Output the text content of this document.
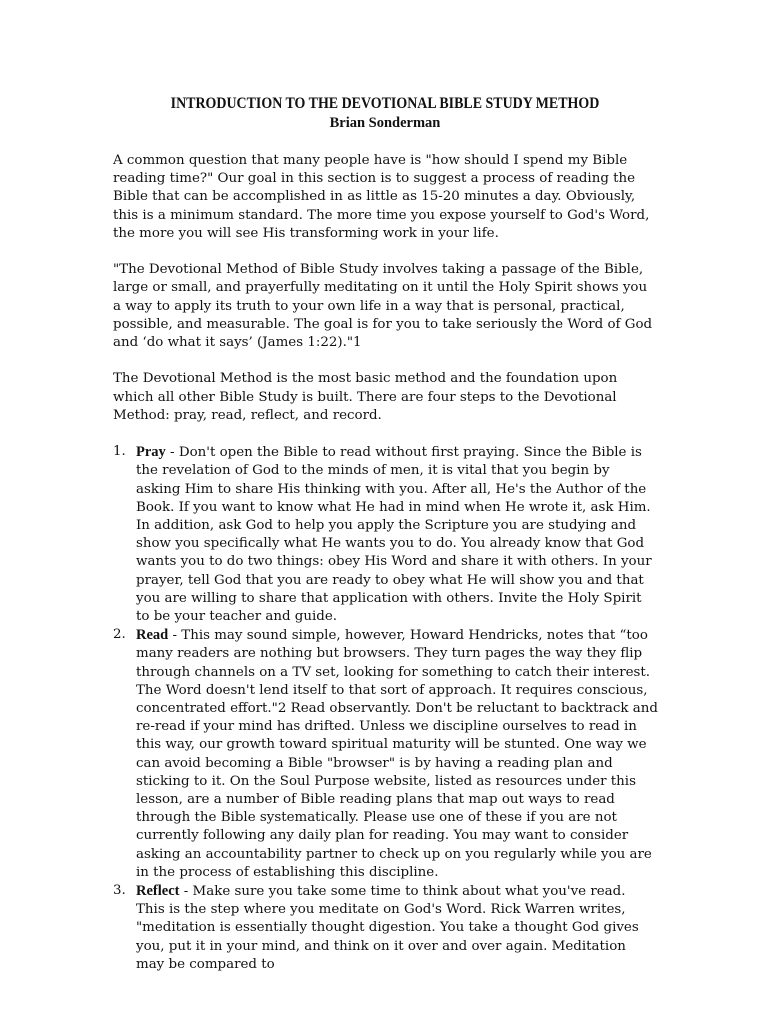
INTRODUCTION TO THE DEVOTIONAL BIBLE STUDY METHOD
Brian Sonderman

A common question that many people have is "how should I spend my Bible reading time?" Our goal in this section is to suggest a process of reading the Bible that can be accomplished in as little as 15-20 minutes a day. Obviously, this is a minimum standard. The more time you expose yourself to God's Word, the more you will see His transforming work in your life.

"The Devotional Method of Bible Study involves taking a passage of the Bible, large or small, and prayerfully meditating on it until the Holy Spirit shows you a way to apply its truth to your own life in a way that is personal, practical, possible, and measurable. The goal is for you to take seriously the Word of God and ‘do what it says’ (James 1:22)."1

The Devotional Method is the most basic method and the foundation upon which all other Bible Study is built. There are four steps to the Devotional Method: pray, read, reflect, and record.

1. Pray - Don't open the Bible to read without first praying. Since the Bible is the revelation of God to the minds of men, it is vital that you begin by asking Him to share His thinking with you. After all, He's the Author of the Book. If you want to know what He had in mind when He wrote it, ask Him. In addition, ask God to help you apply the Scripture you are studying and show you specifically what He wants you to do. You already know that God wants you to do two things: obey His Word and share it with others. In your prayer, tell God that you are ready to obey what He will show you and that you are willing to share that application with others. Invite the Holy Spirit to be your teacher and guide.
2. Read - This may sound simple, however, Howard Hendricks, notes that “too many readers are nothing but browsers. They turn pages the way they flip through channels on a TV set, looking for something to catch their interest. The Word doesn't lend itself to that sort of approach. It requires conscious, concentrated effort."2 Read observantly. Don't be reluctant to backtrack and re-read if your mind has drifted. Unless we discipline ourselves to read in this way, our growth toward spiritual maturity will be stunted. One way we can avoid becoming a Bible "browser" is by having a reading plan and sticking to it. On the Soul Purpose website, listed as resources under this lesson, are a number of Bible reading plans that map out ways to read through the Bible systematically. Please use one of these if you are not currently following any daily plan for reading. You may want to consider asking an accountability partner to check up on you regularly while you are in the process of establishing this discipline.
3. Reflect - Make sure you take some time to think about what you've read. This is the step where you meditate on God's Word. Rick Warren writes, "meditation is essentially thought digestion. You take a thought God gives you, put it in your mind, and think on it over and over again. Meditation may be compared to
